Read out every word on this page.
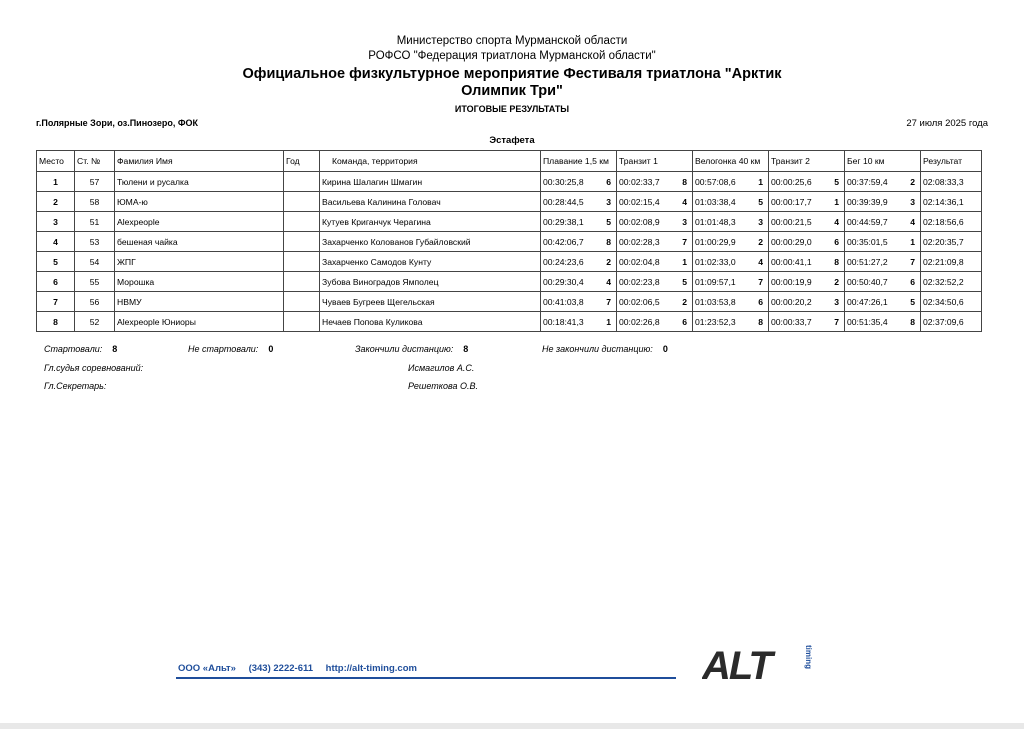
Министерство спорта Мурманской области
РОФСО "Федерация триатлона Мурманской области"
Официальное физкультурное мероприятие Фестиваля триатлона "Арктик
Олимпик Три"
ИТОГОВЫЕ РЕЗУЛЬТАТЫ
г.Полярные Зори, оз.Пинозеро, ФОК	27 июля 2025 года
Эстафета
Место	Ст. №	Фамилия Имя	Год	Команда, территория	Плавание 1,5 км	Транзит 1	Велогонка 40 км	Транзит 2	Бег 10 км	Результат
1	57	Тюлени и русалка		Кирина Шалагин Шмагин	00:30:25,8 6	00:02:33,7 8	00:57:08,6 1	00:00:25,6 5	00:37:59,4 2	02:08:33,3
2	58	ЮМА-ю		Васильева Калинина Головач	00:28:44,5 3	00:02:15,4 4	01:03:38,4 5	00:00:17,7 1	00:39:39,9 3	02:14:36,1
3	51	Alexpeople		Кутуев Криганчук Черагина	00:29:38,1 5	00:02:08,9 3	01:01:48,3 3	00:00:21,5 4	00:44:59,7 4	02:18:56,6
4	53	бешеная чайка		Захарченко Колованов Губайловский	00:42:06,7 8	00:02:28,3 7	01:00:29,9 2	00:00:29,0 6	00:35:01,5 1	02:20:35,7
5	54	ЖПГ		Захарченко Самодов Кунту	00:24:23,6 2	00:02:04,8 1	01:02:33,0 4	00:00:41,1 8	00:51:27,2 7	02:21:09,8
6	55	Морошка		Зубова Виноградов Ямполец	00:29:30,4 4	00:02:23,8 5	01:09:57,1 7	00:00:19,9 2	00:50:40,7 6	02:32:52,2
7	56	НВМУ		Чуваев Бугреев Щегельская	00:41:03,8 7	00:02:06,5 2	01:03:53,8 6	00:00:20,2 3	00:47:26,1 5	02:34:50,6
8	52	Alexpeople Юниоры		Нечаев Попова Куликова	00:18:41,3 1	00:02:26,8 6	01:23:52,3 8	00:00:33,7 7	00:51:35,4 8	02:37:09,6
Стартовали: 8	Не стартовали: 0	Закончили дистанцию: 8	Не закончили дистанцию: 0
Гл.судья соревнований:	Исмагилов А.С.
Гл.Секретарь:	Решеткова О.В.
ООО «Альт» (343) 2222-611 http://alt-timing.com	ALT	timing
